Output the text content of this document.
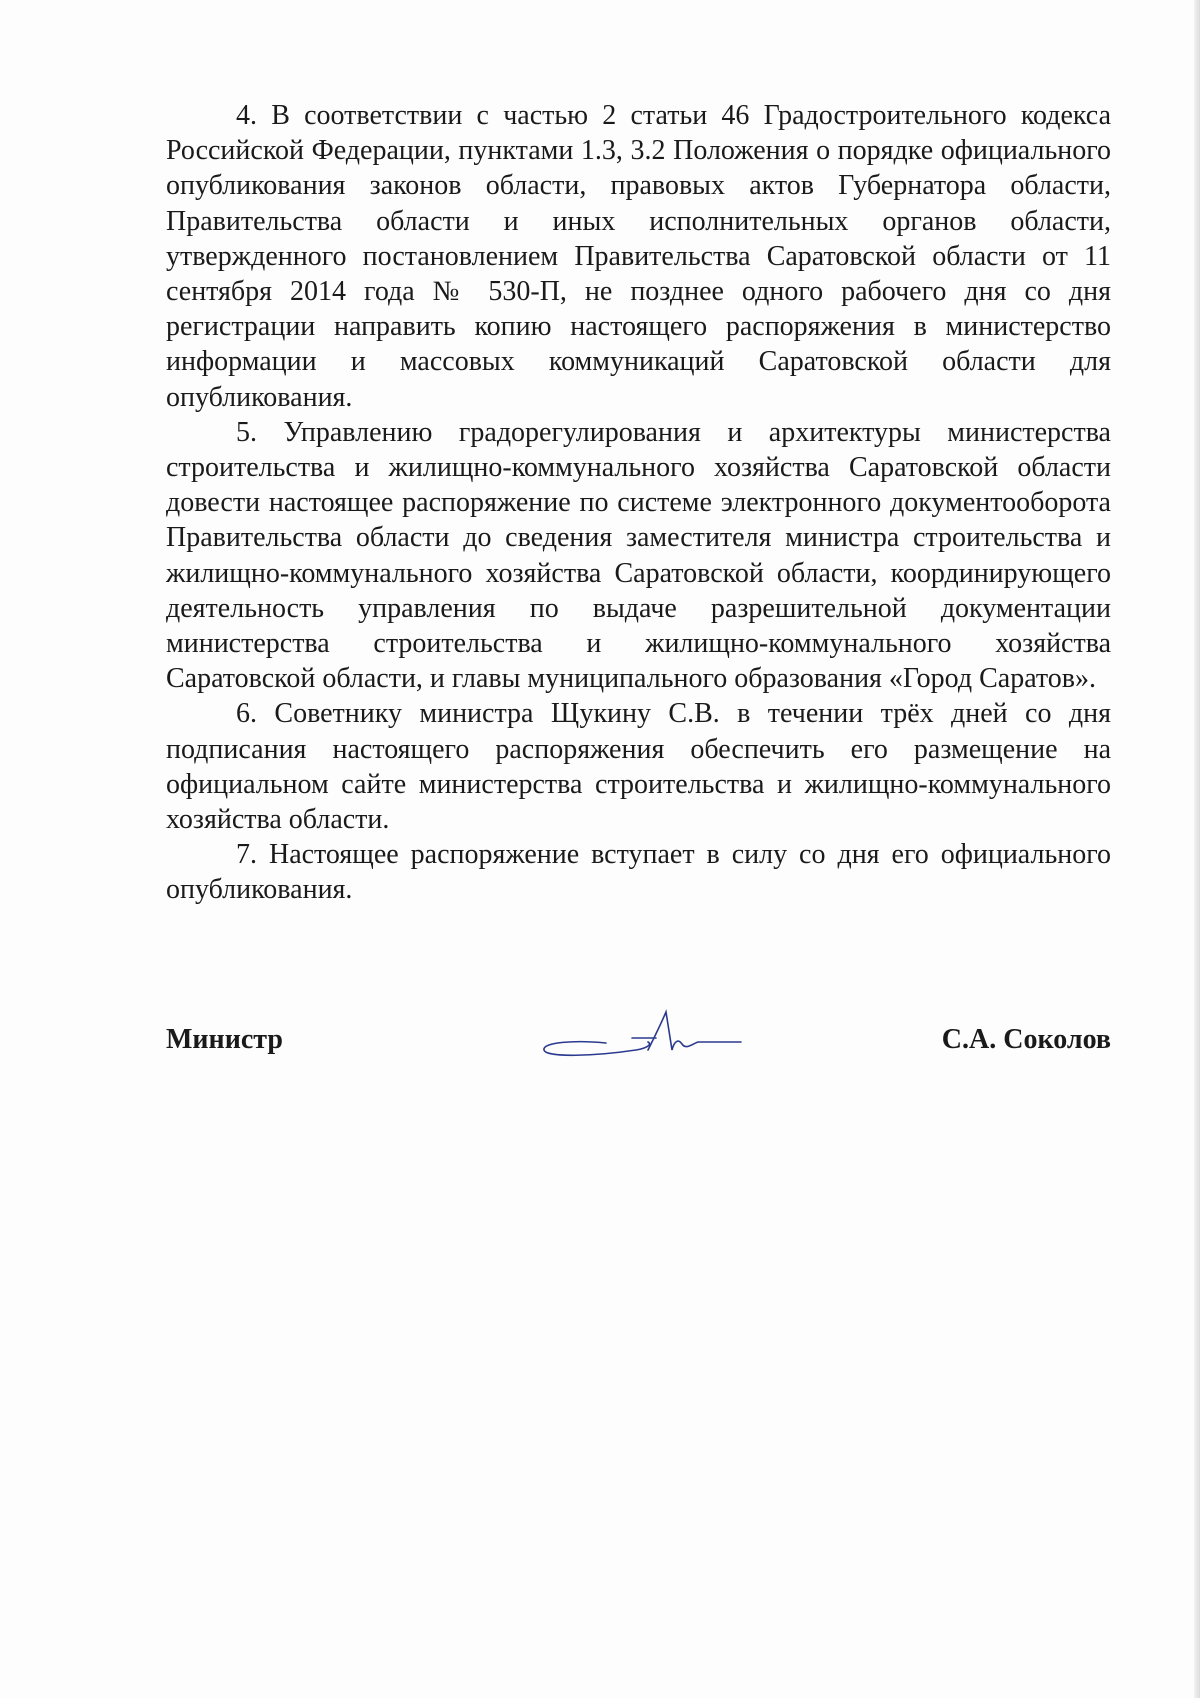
4. В соответствии с частью 2 статьи 46 Градостроительного кодекса Российской Федерации, пунктами 1.3, 3.2 Положения о порядке официального опубликования законов области, правовых актов Губернатора области, Правительства области и иных исполнительных органов области, утвержденного постановлением Правительства Саратовской области от 11 сентября 2014 года № 530-П, не позднее одного рабочего дня со дня регистрации направить копию настоящего распоряжения в министерство информации и массовых коммуникаций Саратовской области для опубликования.

5. Управлению градорегулирования и архитектуры министерства строительства и жилищно-коммунального хозяйства Саратовской области довести настоящее распоряжение по системе электронного документооборота Правительства области до сведения заместителя министра строительства и жилищно-коммунального хозяйства Саратовской области, координирующего деятельность управления по выдаче разрешительной документации министерства строительства и жилищно-коммунального хозяйства Саратовской области, и главы муниципального образования «Город Саратов».

6. Советнику министра Щукину С.В. в течении трёх дней со дня подписания настоящего распоряжения обеспечить его размещение на официальном сайте министерства строительства и жилищно-коммунального хозяйства области.

7. Настоящее распоряжение вступает в силу со дня его официального опубликования.

Министр	С.А. Соколов
